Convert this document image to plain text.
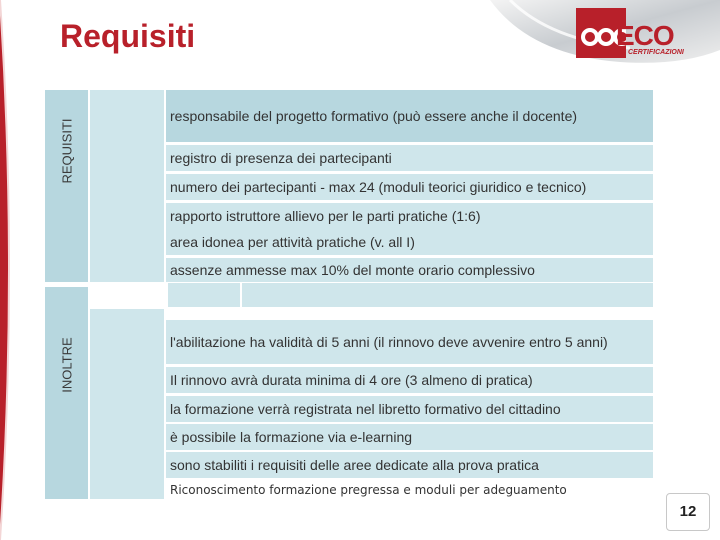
Requisiti	ECO
CERTIFICAZIONI
REQUISITI
INOLTRE
responsabile del progetto formativo (può essere anche il docente)
registro di presenza dei partecipanti
numero dei partecipanti - max 24 (moduli teorici giuridico e tecnico)
rapporto istruttore allievo per le parti pratiche (1:6)
area idonea per attività pratiche (v. all I)
assenze ammesse max 10% del monte orario complessivo
l'abilitazione ha validità di 5 anni (il rinnovo deve avvenire entro 5 anni)
Il rinnovo avrà durata minima di 4 ore (3 almeno di pratica)
la formazione verrà registrata nel libretto formativo del cittadino
è possibile la formazione via e-learning
sono stabiliti i requisiti delle aree dedicate alla prova pratica
Riconoscimento formazione pregressa e moduli per adeguamento
12
